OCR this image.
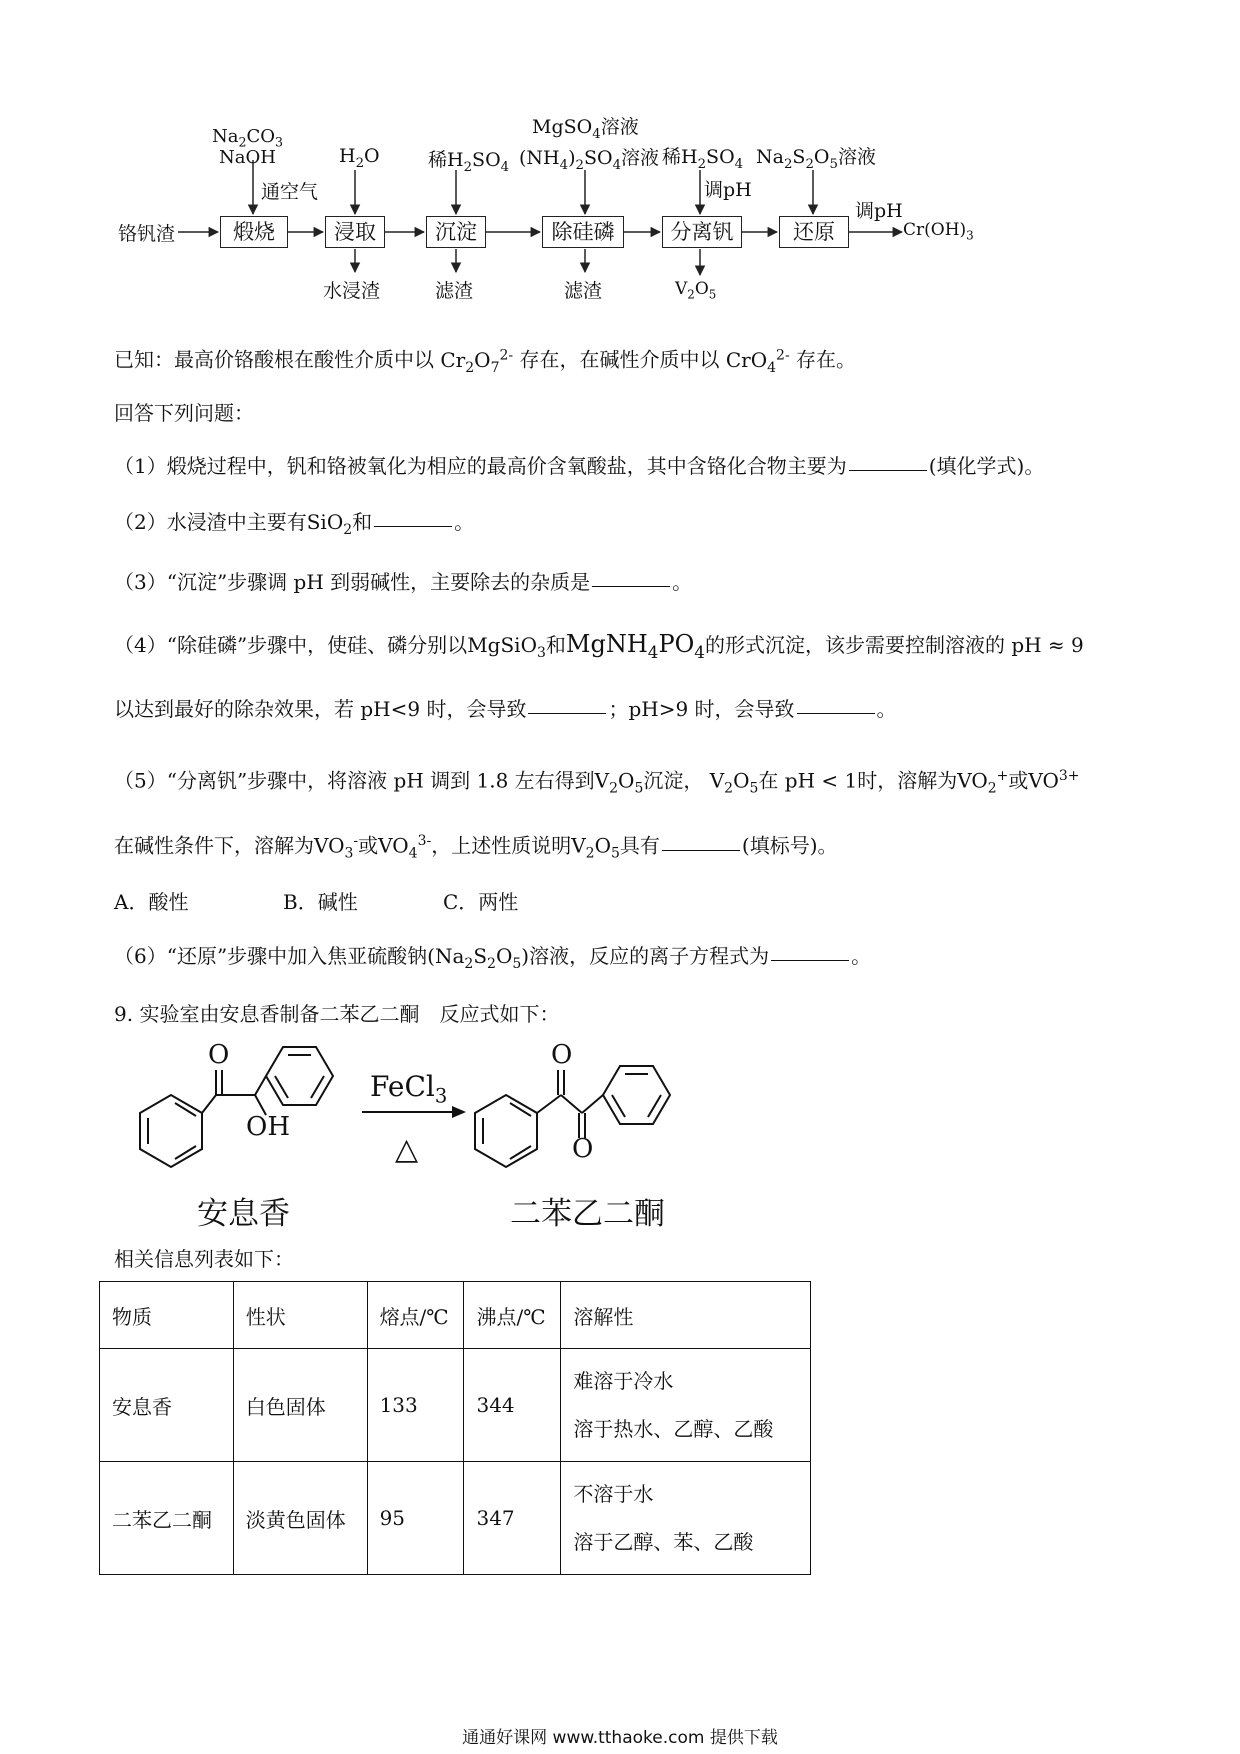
铬钒渣	煅烧	浸取	沉淀	除硅磷	分离钒	还原
$Na_2CO_3$
NaOH
通空气
$H_2O$	稀$H_2SO_4$
MgSO$_4$溶液
$(NH_4)_2SO_4$溶液 稀$H_2SO_4$
调pH
$Na_2S_2O_5$溶液
水浸渣	滤渣	滤渣	$V_2O_5$
调pH
$Cr(OH)_3$
已知：最高价铬酸根在酸性介质中以 $Cr_2O_7^{2-}$ 存在，在碱性介质中以 CrO$_4^{2-}$ 存在。
回答下列问题：
（1）煅烧过程中，钒和铬被氧化为相应的最高价含氧酸盐，其中含铬化合物主要为	(填化学式)。
（2）水浸渣中主要有SiO$_2$和	。
（3）“沉淀”步骤调 pH 到弱碱性，主要除去的杂质是	。
（4）“除硅磷”步骤中，使硅、磷分别以MgSiO$_3$和$MgNH_4PO_4$的形式沉淀，该步需要控制溶液的 pH ≈ 9
以达到最好的除杂效果，若 pH<9 时，会导致	；pH>9 时，会导致	。
（5）“分离钒”步骤中，将溶液 pH 调到 1.8 左右得到$V_2O_5$沉淀， $V_2O_5$在 pH < 1时，溶解为$VO_2^+$或$VO^{3+}$
在碱性条件下，溶解为$VO_3^-$或$VO_4^{3-}$，上述性质说明$V_2O_5$具有	(填标号)。
A．酸性	B．碱性	C．两性
（6）“还原”步骤中加入焦亚硫酸钠$(Na_2S_2O_5)$溶液，反应的离子方程式为	。
9. 实验室由安息香制备二苯乙二酮　反应式如下：
O
OH
FeCl$_3$
△
O
O
安息香	二苯乙二酮
相关信息列表如下：
物质	性状	熔点/℃	沸点/℃	溶解性
安息香	白色固体	133	344	难溶于冷水
溶于热水、乙醇、乙酸

二苯乙二酮	淡黄色固体	95	347	不溶于水
溶于乙醇、苯、乙酸
通通好课网 www.tthaoke.com 提供下载
